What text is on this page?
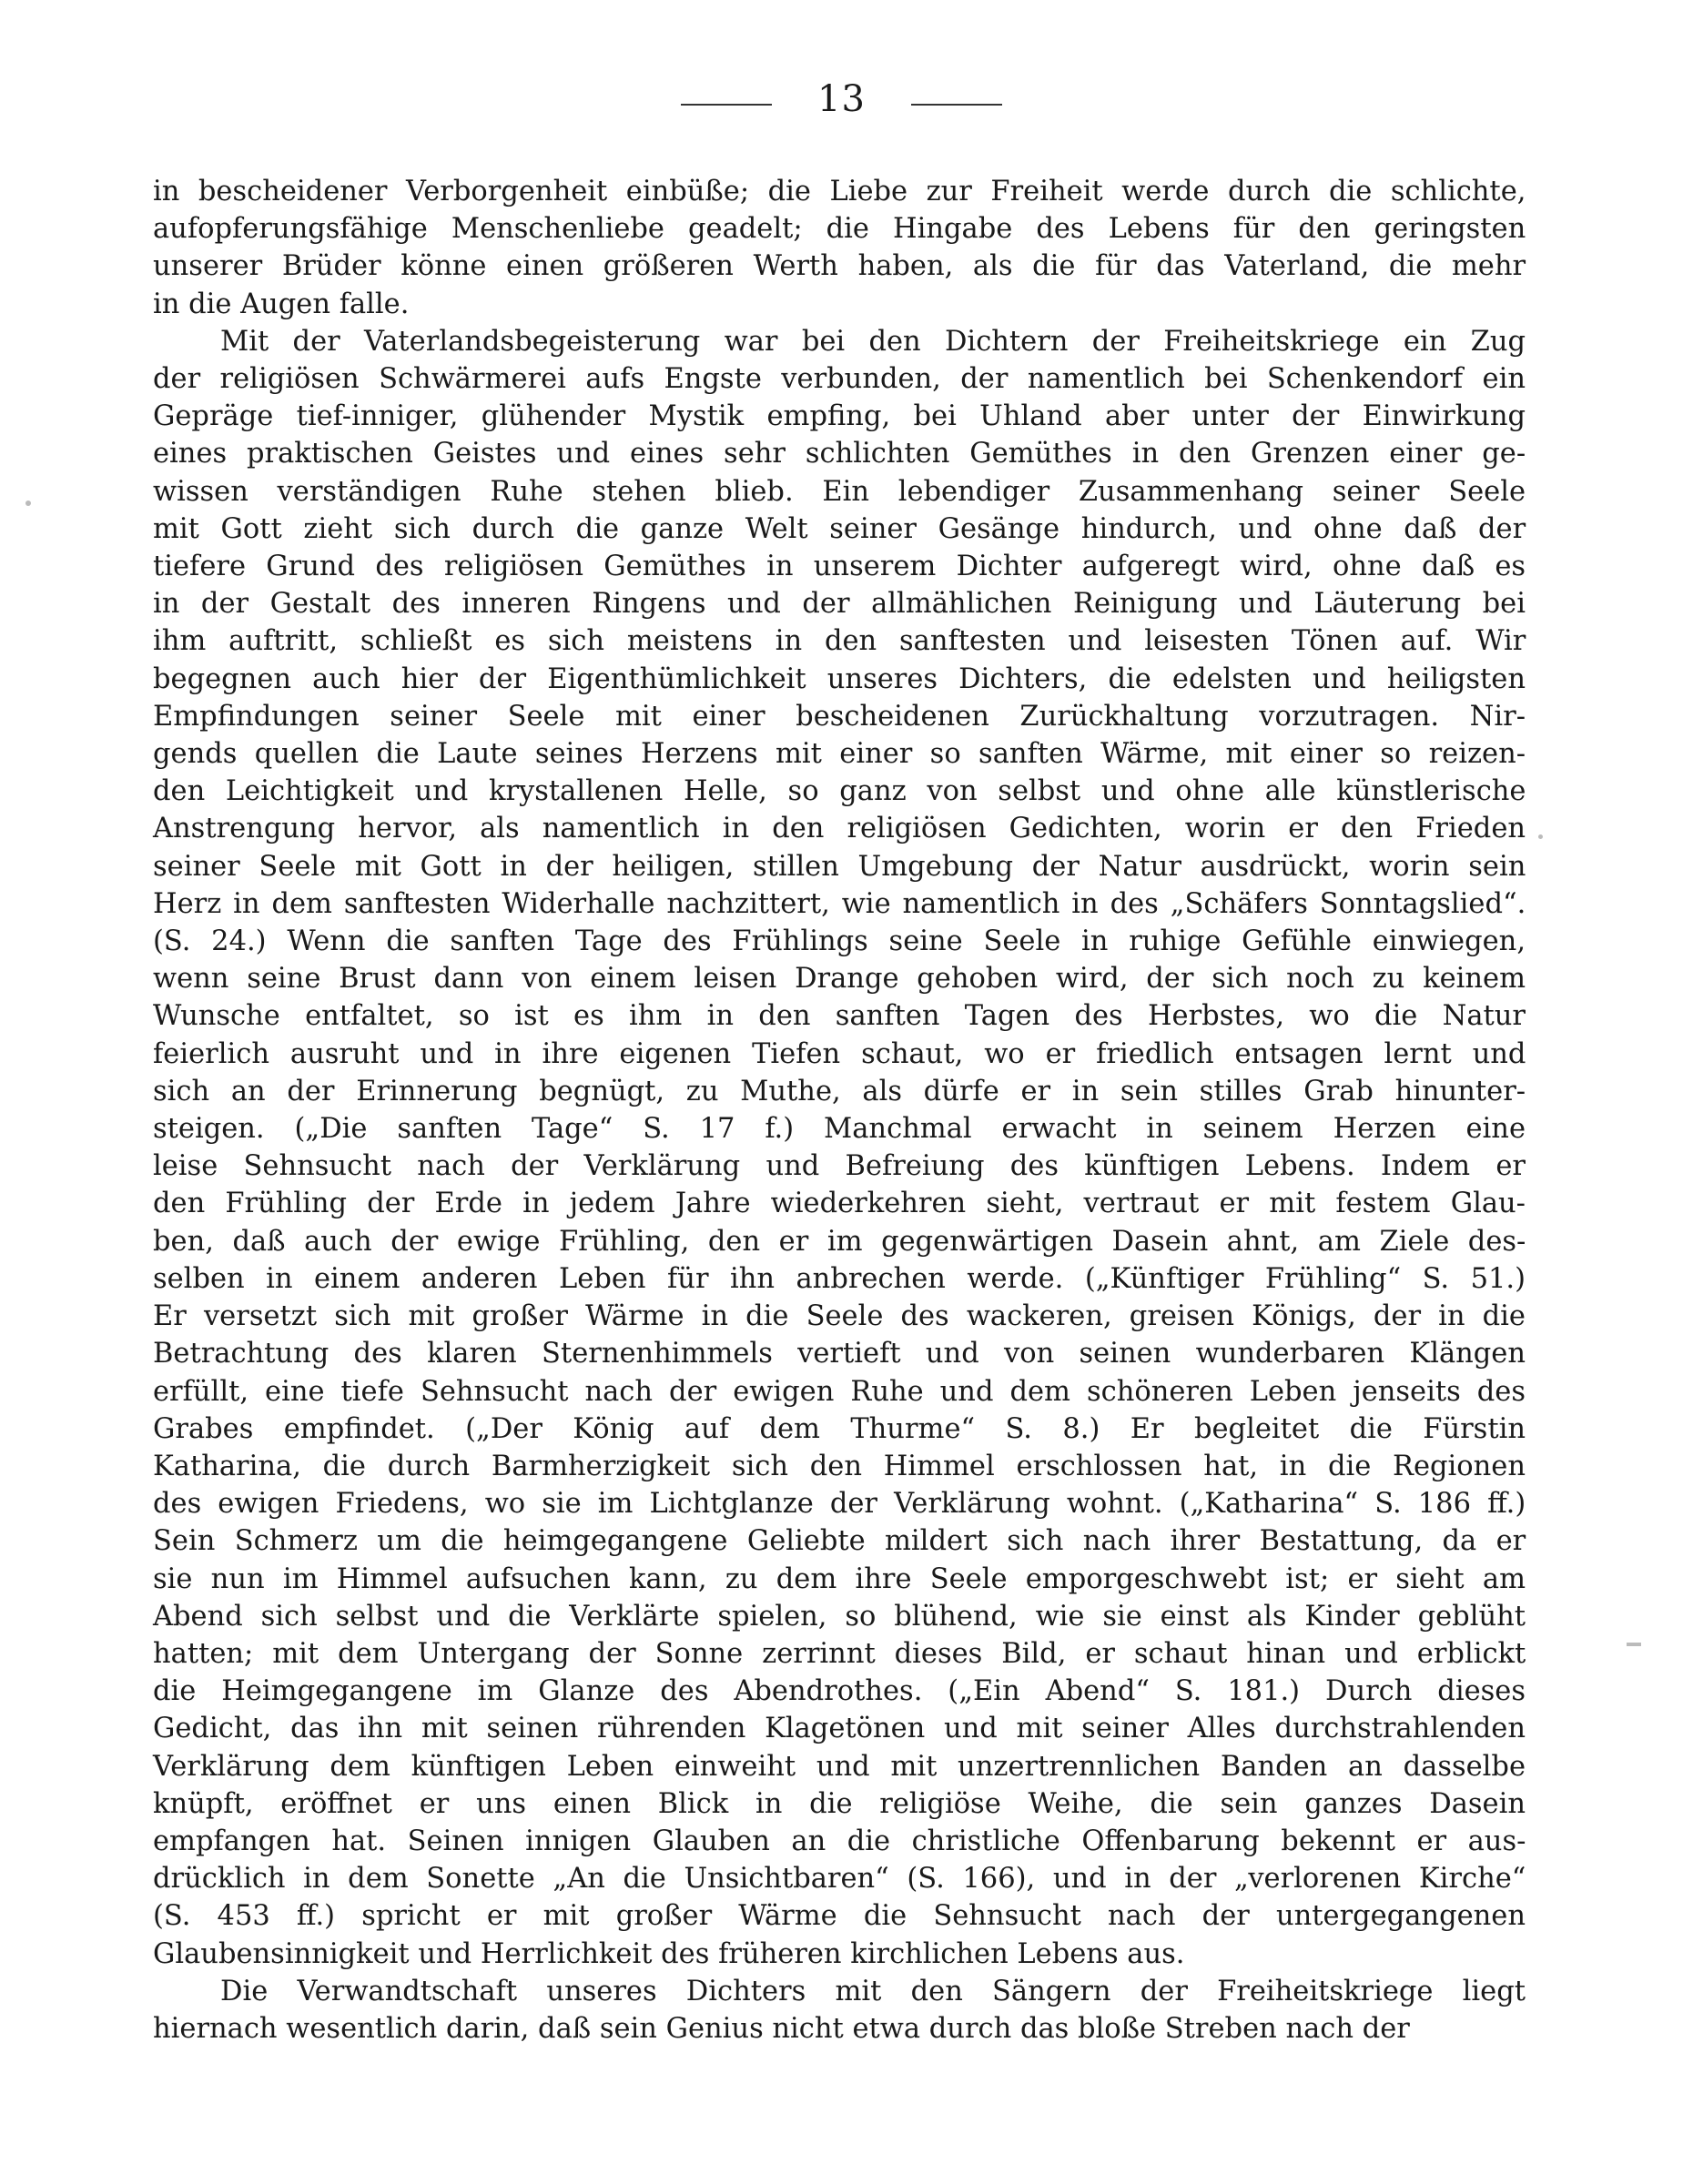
13

in bescheidener Verborgenheit einbüße; die Liebe zur Freiheit werde durch die schlichte,
aufopferungsfähige Menschenliebe geadelt; die Hingabe des Lebens für den geringsten
unserer Brüder könne einen größeren Werth haben, als die für das Vaterland, die mehr
in die Augen falle.

Mit der Vaterlandsbegeisterung war bei den Dichtern der Freiheitskriege ein Zug
der religiösen Schwärmerei aufs Engste verbunden, der namentlich bei Schenkendorf ein
Gepräge tief-inniger, glühender Mystik empfing, bei Uhland aber unter der Einwirkung
eines praktischen Geistes und eines sehr schlichten Gemüthes in den Grenzen einer ge-
wissen verständigen Ruhe stehen blieb. Ein lebendiger Zusammenhang seiner Seele
mit Gott zieht sich durch die ganze Welt seiner Gesänge hindurch, und ohne daß der
tiefere Grund des religiösen Gemüthes in unserem Dichter aufgeregt wird, ohne daß es
in der Gestalt des inneren Ringens und der allmählichen Reinigung und Läuterung bei
ihm auftritt, schließt es sich meistens in den sanftesten und leisesten Tönen auf. Wir
begegnen auch hier der Eigenthümlichkeit unseres Dichters, die edelsten und heiligsten
Empfindungen seiner Seele mit einer bescheidenen Zurückhaltung vorzutragen. Nir-
gends quellen die Laute seines Herzens mit einer so sanften Wärme, mit einer so reizen-
den Leichtigkeit und krystallenen Helle, so ganz von selbst und ohne alle künstlerische
Anstrengung hervor, als namentlich in den religiösen Gedichten, worin er den Frieden
seiner Seele mit Gott in der heiligen, stillen Umgebung der Natur ausdrückt, worin sein
Herz in dem sanftesten Widerhalle nachzittert, wie namentlich in des „Schäfers Sonntagslied“.
(S. 24.) Wenn die sanften Tage des Frühlings seine Seele in ruhige Gefühle einwiegen,
wenn seine Brust dann von einem leisen Drange gehoben wird, der sich noch zu keinem
Wunsche entfaltet, so ist es ihm in den sanften Tagen des Herbstes, wo die Natur
feierlich ausruht und in ihre eigenen Tiefen schaut, wo er friedlich entsagen lernt und
sich an der Erinnerung begnügt, zu Muthe, als dürfe er in sein stilles Grab hinunter-
steigen. („Die sanften Tage“ S. 17 f.) Manchmal erwacht in seinem Herzen eine
leise Sehnsucht nach der Verklärung und Befreiung des künftigen Lebens. Indem er
den Frühling der Erde in jedem Jahre wiederkehren sieht, vertraut er mit festem Glau-
ben, daß auch der ewige Frühling, den er im gegenwärtigen Dasein ahnt, am Ziele des-
selben in einem anderen Leben für ihn anbrechen werde. („Künftiger Frühling“ S. 51.)
Er versetzt sich mit großer Wärme in die Seele des wackeren, greisen Königs, der in die
Betrachtung des klaren Sternenhimmels vertieft und von seinen wunderbaren Klängen
erfüllt, eine tiefe Sehnsucht nach der ewigen Ruhe und dem schöneren Leben jenseits des
Grabes empfindet. („Der König auf dem Thurme“ S. 8.) Er begleitet die Fürstin
Katharina, die durch Barmherzigkeit sich den Himmel erschlossen hat, in die Regionen
des ewigen Friedens, wo sie im Lichtglanze der Verklärung wohnt. („Katharina“ S. 186 ff.)
Sein Schmerz um die heimgegangene Geliebte mildert sich nach ihrer Bestattung, da er
sie nun im Himmel aufsuchen kann, zu dem ihre Seele emporgeschwebt ist; er sieht am
Abend sich selbst und die Verklärte spielen, so blühend, wie sie einst als Kinder geblüht
hatten; mit dem Untergang der Sonne zerrinnt dieses Bild, er schaut hinan und erblickt
die Heimgegangene im Glanze des Abendrothes. („Ein Abend“ S. 181.) Durch dieses
Gedicht, das ihn mit seinen rührenden Klagetönen und mit seiner Alles durchstrahlenden
Verklärung dem künftigen Leben einweiht und mit unzertrennlichen Banden an dasselbe
knüpft, eröffnet er uns einen Blick in die religiöse Weihe, die sein ganzes Dasein
empfangen hat. Seinen innigen Glauben an die christliche Offenbarung bekennt er aus-
drücklich in dem Sonette „An die Unsichtbaren“ (S. 166), und in der „verlorenen Kirche“
(S. 453 ff.) spricht er mit großer Wärme die Sehnsucht nach der untergegangenen
Glaubensinnigkeit und Herrlichkeit des früheren kirchlichen Lebens aus.

Die Verwandtschaft unseres Dichters mit den Sängern der Freiheitskriege liegt
hiernach wesentlich darin, daß sein Genius nicht etwa durch das bloße Streben nach der
